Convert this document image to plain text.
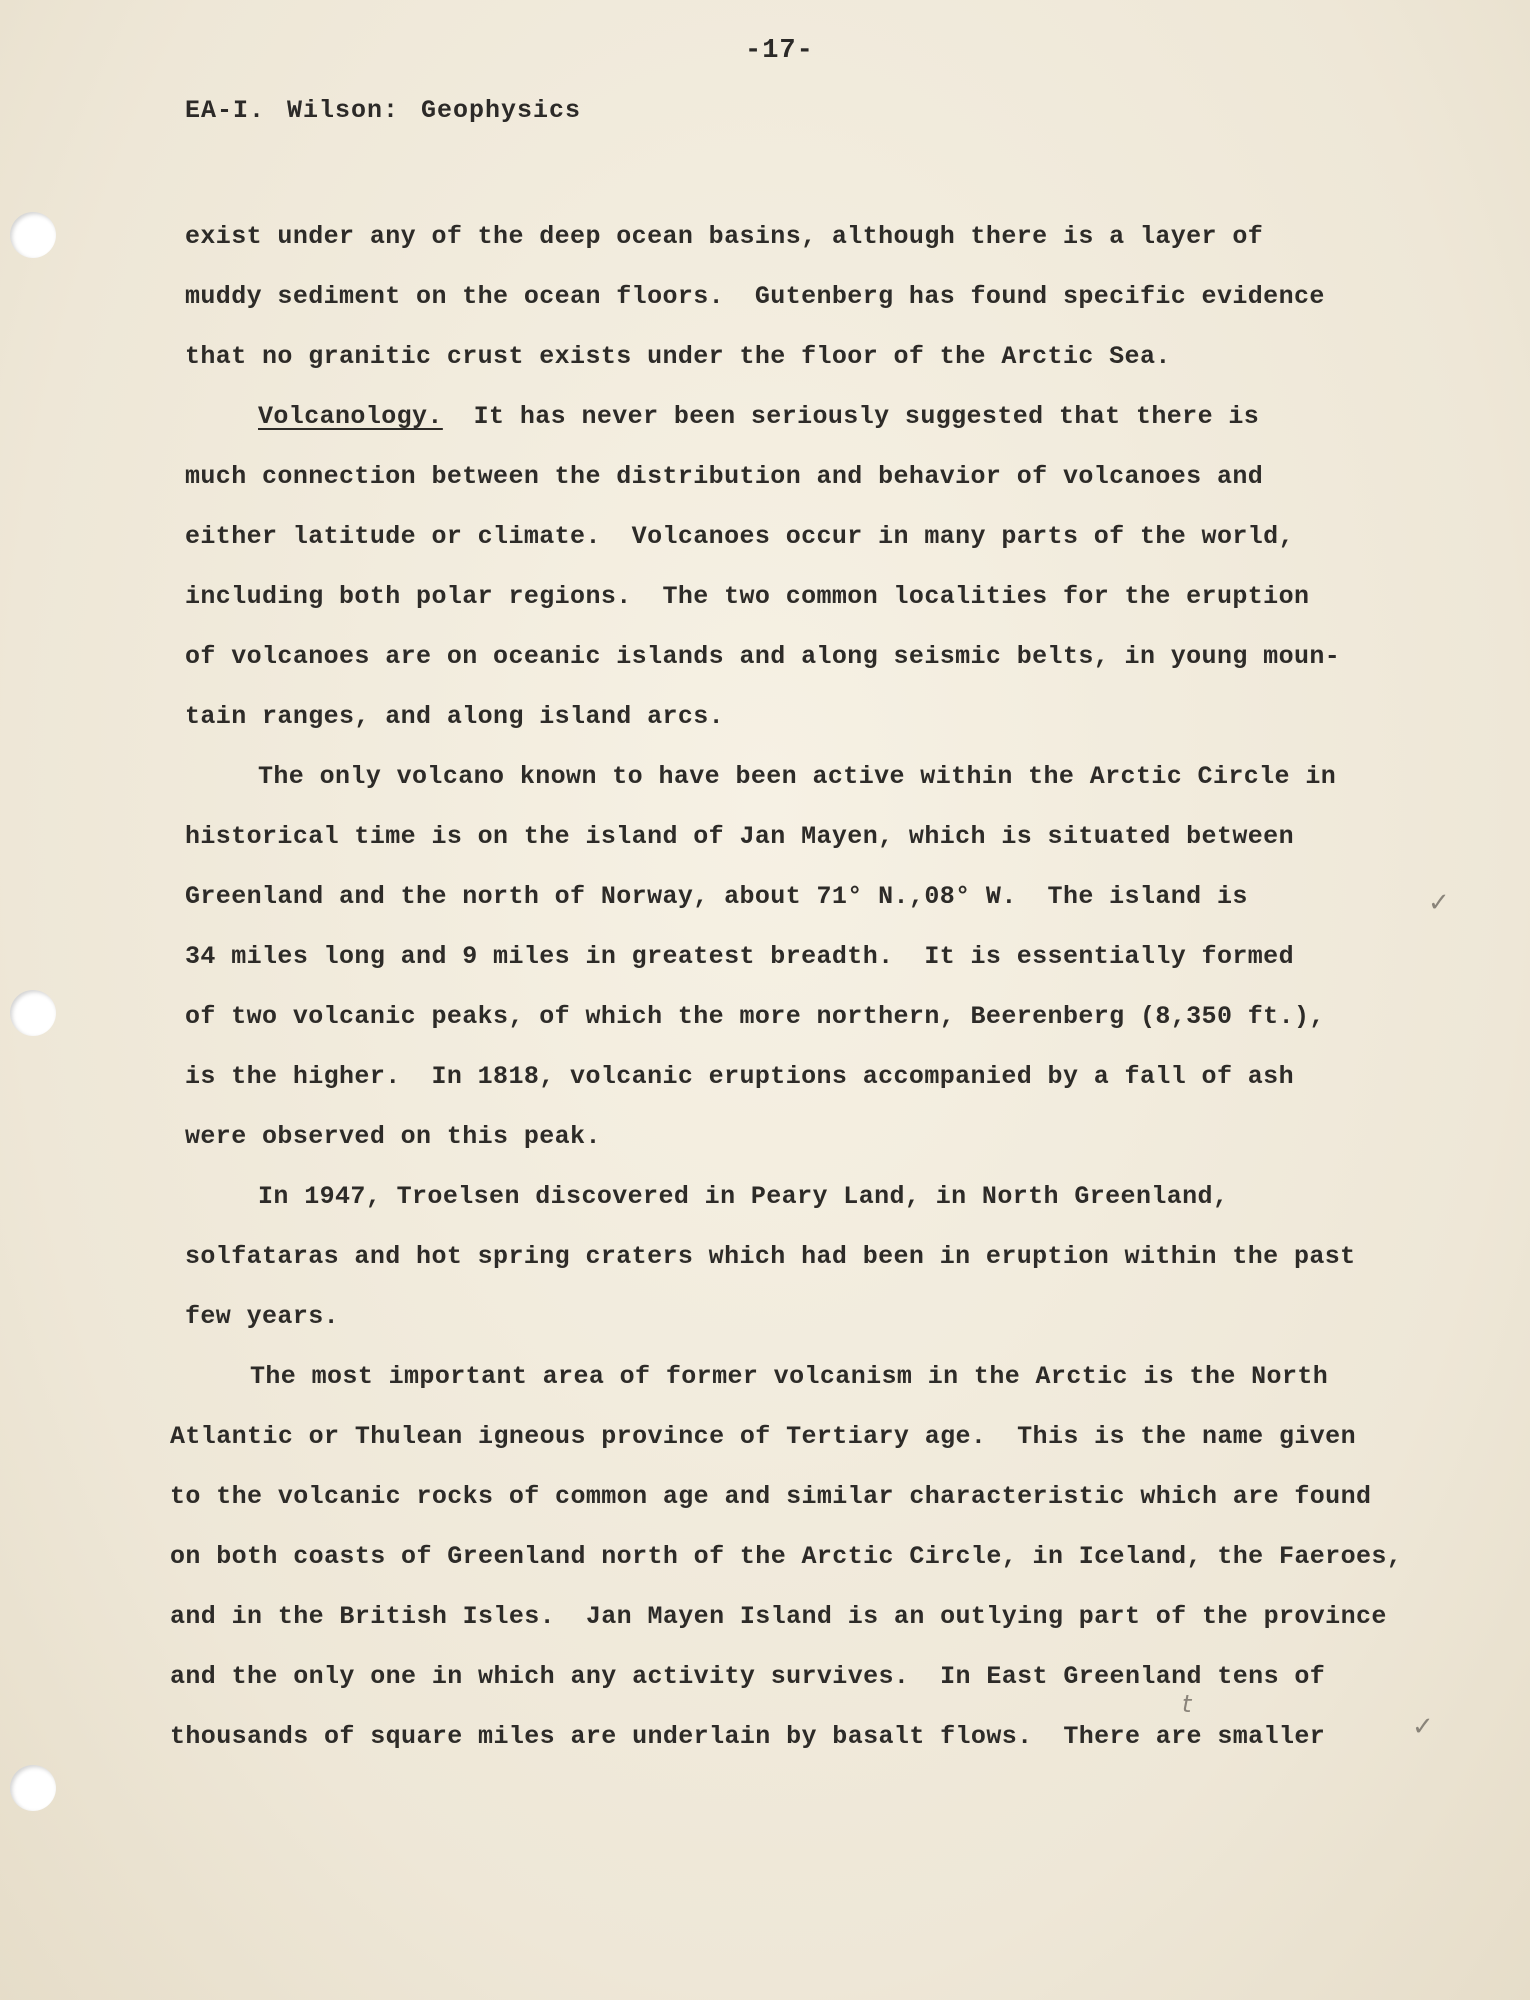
-17-
EA-I. Wilson: Geophysics
exist under any of the deep ocean basins, although there is a layer of
muddy sediment on the ocean floors.  Gutenberg has found specific evidence
that no granitic crust exists under the floor of the Arctic Sea.
Volcanology.  It has never been seriously suggested that there is
much connection between the distribution and behavior of volcanoes and
either latitude or climate.  Volcanoes occur in many parts of the world,
including both polar regions.  The two common localities for the eruption
of volcanoes are on oceanic islands and along seismic belts, in young moun-
tain ranges, and along island arcs.
The only volcano known to have been active within the Arctic Circle in
historical time is on the island of Jan Mayen, which is situated between
Greenland and the north of Norway, about 71° N.,08° W.  The island is
34 miles long and 9 miles in greatest breadth.  It is essentially formed
of two volcanic peaks, of which the more northern, Beerenberg (8,350 ft.),
is the higher.  In 1818, volcanic eruptions accompanied by a fall of ash
were observed on this peak.
In 1947, Troelsen discovered in Peary Land, in North Greenland,
solfataras and hot spring craters which had been in eruption within the past
few years.
The most important area of former volcanism in the Arctic is the North
Atlantic or Thulean igneous province of Tertiary age.  This is the name given
to the volcanic rocks of common age and similar characteristic which are found
on both coasts of Greenland north of the Arctic Circle, in Iceland, the Faeroes,
and in the British Isles.  Jan Mayen Island is an outlying part of the province
and the only one in which any activity survives.  In East Greenland tens of
thousands of square miles are underlain by basalt flows.  There are smaller
✓
✓
t
